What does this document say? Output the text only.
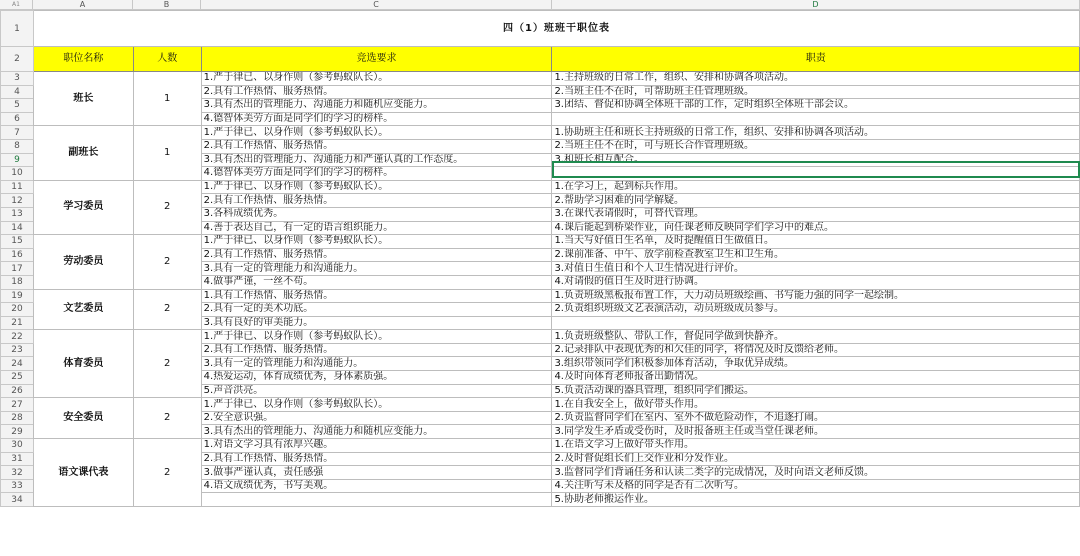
A1	A	B	C	D
1	四（1）班班干职位表			
2	职位名称	人数	竞选要求	职责
3	班长	1	1.严于律已、以身作则（参考蚂蚁队长）。	1.主持班级的日常工作，组织、安排和协调各项活动。
4			2.具有工作热情、服务热情。	2.当班主任不在时，可帮助班主任管理班级。
5			3.具有杰出的管理能力、沟通能力和随机应变能力。	3.团结、督促和协调全体班干部的工作，定时组织全体班干部会议。
6			4.德智体美劳方面是同学们的学习的榜样。	
7	副班长	1	1.严于律已、以身作则（参考蚂蚁队长）。	1.协助班主任和班长主持班级的日常工作，组织、安排和协调各项活动。
8			2.具有工作热情、服务热情。	2.当班主任不在时，可与班长合作管理班级。
9			3.具有杰出的管理能力、沟通能力和严谨认真的工作态度。	3.和班长相互配合。
10			4.德智体美劳方面是同学们的学习的榜样。	
11	学习委员	2	1.严于律已、以身作则（参考蚂蚁队长）。	1.在学习上，起到标兵作用。
12			2.具有工作热情、服务热情。	2.帮助学习困难的同学解疑。
13			3.各科成绩优秀。	3.在课代表请假时，可替代管理。
14			4.善于表达自己，有一定的语言组织能力。	4.课后能起到桥梁作业，向任课老师反映同学们学习中的难点。
15	劳动委员	2	1.严于律已、以身作则（参考蚂蚁队长）。	1.当天写好值日生名单，及时提醒值日生做值日。
16			2.具有工作热情、服务热情。	2.课前准备、中午、放学前检查教室卫生和卫生角。
17			3.具有一定的管理能力和沟通能力。	3.对值日生值日和个人卫生情况进行评价。
18			4.做事严谨，一丝不苟。	4.对请假的值日生及时进行协调。
19	文艺委员	2	1.具有工作热情、服务热情。	1.负责班级黑板报布置工作，大力动员班级绘画、书写能力强的同学一起绘制。
20			2.具有一定的美术功底。	2.负责组织班级文艺表演活动，动员班级成员参与。
21			3.具有良好的审美能力。	
22	体育委员	2	1.严于律已、以身作则（参考蚂蚁队长）。	1.负责班级整队、带队工作，督促同学做到快静齐。
23			2.具有工作热情、服务热情。	2.记录排队中表现优秀的和欠佳的同学，将情况及时反馈给老师。
24			3.具有一定的管理能力和沟通能力。	3.组织带领同学们积极参加体育活动，争取优异成绩。
25			4.热爱运动，体育成绩优秀，身体素质强。	4.及时向体育老师报备出勤情况。
26			5.声音洪亮。	5.负责活动课的器具管理，组织同学们搬运。
27	安全委员	2	1.严于律已、以身作则（参考蚂蚁队长）。	1.在自我安全上，做好带头作用。
28			2.安全意识强。	2.负责监督同学们在室内、室外不做危险动作，不追逐打闹。
29			3.具有杰出的管理能力、沟通能力和随机应变能力。	3.同学发生矛盾或受伤时，及时报备班主任或当堂任课老师。
30	语文课代表	2	1.对语文学习具有浓厚兴趣。	1.在语文学习上做好带头作用。
31			2.具有工作热情、服务热情。	2.及时督促组长们上交作业和分发作业。
32			3.做事严谨认真，责任感强	3.监督同学们背诵任务和认读二类字的完成情况，及时向语文老师反馈。
33			4.语文成绩优秀，书写美观。	4.关注听写未及格的同学是否有二次听写。
34				5.协助老师搬运作业。
